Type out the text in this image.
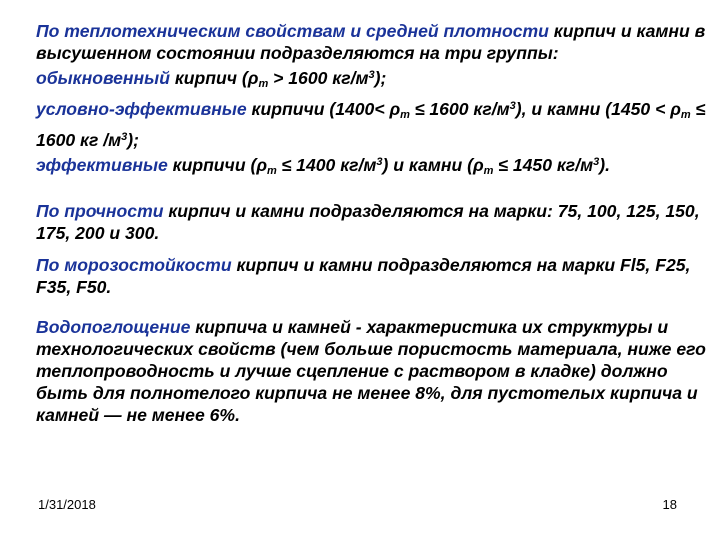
По теплотехническим свойствам и средней плотности кирпич и камни в высушенном состоянии подразделяются на три группы:
обыкновенный кирпич ($\rho_m > 1600$ $кг/м^3$);
условно-эффективные кирпичи ($1400< \rho_m \le 1600$ $кг/м^3$), и камни ($1450 < \rho_m \le 1600$ кг $/м^3$);
эффективные кирпичи ($\rho_m \le 1400$ $кг/м^3$) и камни ($\rho_m \le 1450$ $кг/м^3$).

По прочности кирпич и камни подразделяются на марки: 75, 100, 125, 150, 175, 200 и 300.

По морозостойкости кирпич и камни подразделяются на марки Fl5, F25, F35, F50.

Водопоглощение кирпича и камней - характеристика их структуры и технологических свойств (чем больше пористость материала, ниже его теплопроводность и лучше сцепление с раствором в кладке) должно быть для полнотелого кирпича не менее 8%, для пустотелых кирпича и камней — не менее 6%.

1/31/2018	18
